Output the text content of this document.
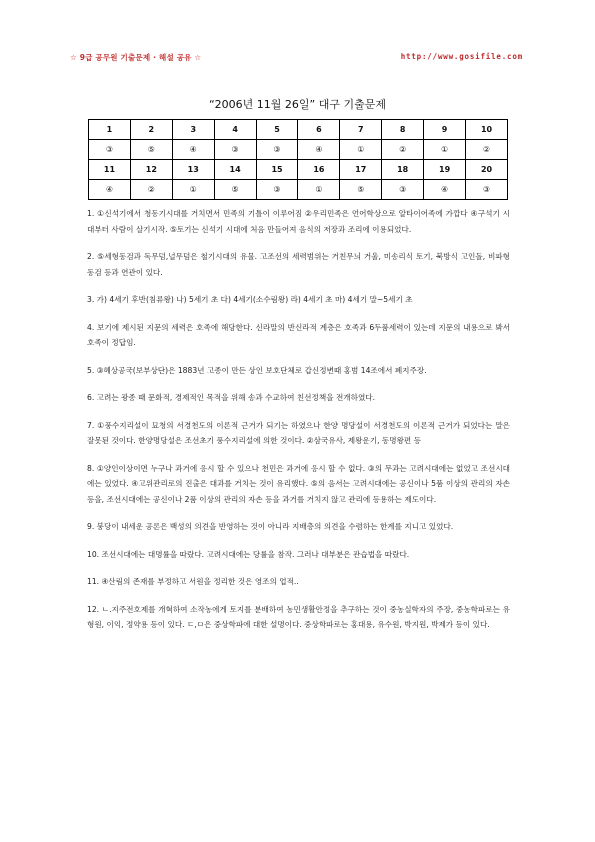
☆ 9급 공무원 기출문제 · 해설 공유 ☆	http://www.gosifile.com
“2006년 11월 26일” 대구 기출문제
1	2	3	4	5	6	7	8	9	10
③	⑤	④	③	③	④	①	②	①	②
11	12	13	14	15	16	17	18	19	20
④	②	①	⑤	③	①	⑤	③	④	③

1. ①신석기에서 청동기시대를 거치면서 민족의 기틀이 이루어짐 ②우리민족은 언어학상으로 알타이어족에 가깝다 ④구석기 시대부터 사람이 살기시작. ⑤토기는 신석기 시대에 처음 만들어져 음식의 저장과 조리에 이용되었다.

2. ⑤세형동검과 독무덤,널무덤은 철기시대의 유물. 고조선의 세력범위는 거친무늬 거울, 미송리식 토기, 북방식 고인돌, 비파형동검 등과 연관이 있다.

3. 가) 4세기 후반(침류왕) 나) 5세기 초 다) 4세기(소수림왕) 라) 4세기 초 마) 4세기 말~5세기 초

4. 보기에 제시된 지문의 세력은 호족에 해당한다. 신라말의 반신라적 계층은 호족과 6두품세력이 있는데 지문의 내용으로 봐서 호족이 정답임.

5. ③혜상공국(보부상단)은 1883년 고종이 만든 상인 보호단체로 갑신정변때 홍범 14조에서 폐지주장.

6. 고려는 광종 때 문화적, 경제적인 목적을 위해 송과 수교하여 친선정책을 전개하였다.

7. ①풍수지리설이 묘청의 서경천도의 이론적 근거가 되기는 하였으나 한양 명당설이 서경천도의 이론적 근거가 되었다는 말은 잘못된 것이다. 한양명당설은 조선초기 풍수지리설에 의한 것이다. ②삼국유사, 제왕운기, 동명왕편 등

8. ①양인이상이면 누구나 과거에 응시 할 수 있으나 천민은 과거에 응시 할 수 없다. ③의 무과는 고려시대에는 없었고 조선시대에는 있었다. ④고위관리로의 진출은 대과를 거치는 것이 유리했다. ⑤의 음서는 고려시대에는 공신이나 5품 이상의 관리의 자손 등을, 조선시대에는 공신이나 2품 이상의 관리의 자손 등을 과거를 거치지 않고 관리에 등용하는 제도이다.

9. 붕당이 내세운 공론은 백성의 의견을 반영하는 것이 아니라 지배층의 의견을 수렴하는 한계를 지니고 있었다.

10. 조선시대에는 대명률을 따랐다. 고려시대에는 당률을 참작. 그러나 대부분은 관습법을 따랐다.

11. ④산림의 존재를 부정하고 서원을 정리한 것은 영조의 업적..

12. ㄴ.지주전호제를 개혁하여 소작농에게 토지를 분배하여 농민생활안정을 추구하는 것이 중농실학자의 주장, 중농학파로는 유형원, 이익, 정약용 등이 있다. ㄷ,ㅁ은 중상학파에 대한 설명이다. 중상학파로는 홍대용, 유수원, 박지원, 박제가 등이 있다.
